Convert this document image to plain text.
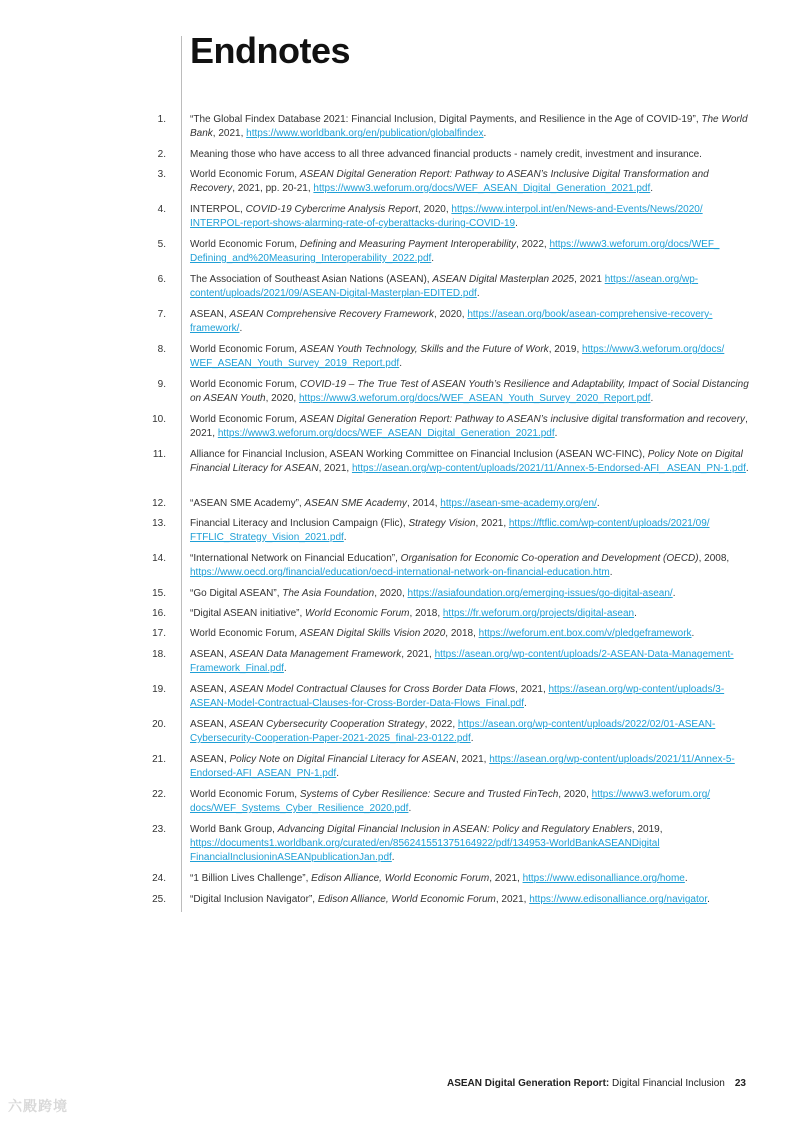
Endnotes
1. “The Global Findex Database 2021: Financial Inclusion, Digital Payments, and Resilience in the Age of COVID-19”, The World Bank, 2021, https://www.worldbank.org/en/publication/globalfindex.
2. Meaning those who have access to all three advanced financial products - namely credit, investment and insurance.
3. World Economic Forum, ASEAN Digital Generation Report: Pathway to ASEAN’s Inclusive Digital Transformation and Recovery, 2021, pp. 20-21, https://www3.weforum.org/docs/WEF_ASEAN_Digital_Generation_2021.pdf.
4. INTERPOL, COVID-19 Cybercrime Analysis Report, 2020, https://www.interpol.int/en/News-and-Events/News/2020/ INTERPOL-report-shows-alarming-rate-of-cyberattacks-during-COVID-19.
5. World Economic Forum, Defining and Measuring Payment Interoperability, 2022, https://www3.weforum.org/docs/WEF_ Defining_and%20Measuring_Interoperability_2022.pdf.
6. The Association of Southeast Asian Nations (ASEAN), ASEAN Digital Masterplan 2025, 2021 https://asean.org/wp-content/uploads/2021/09/ASEAN-Digital-Masterplan-EDITED.pdf.
7. ASEAN, ASEAN Comprehensive Recovery Framework, 2020, https://asean.org/book/asean-comprehensive-recovery-framework/.
8. World Economic Forum, ASEAN Youth Technology, Skills and the Future of Work, 2019, https://www3.weforum.org/docs/ WEF_ASEAN_Youth_Survey_2019_Report.pdf.
9. World Economic Forum, COVID-19 – The True Test of ASEAN Youth’s Resilience and Adaptability, Impact of Social Distancing on ASEAN Youth, 2020, https://www3.weforum.org/docs/WEF_ASEAN_Youth_Survey_2020_Report.pdf.
10. World Economic Forum, ASEAN Digital Generation Report: Pathway to ASEAN’s inclusive digital transformation and recovery, 2021, https://www3.weforum.org/docs/WEF_ASEAN_Digital_Generation_2021.pdf.
11. Alliance for Financial Inclusion, ASEAN Working Committee on Financial Inclusion (ASEAN WC-FINC), Policy Note on Digital Financial Literacy for ASEAN, 2021, https://asean.org/wp-content/uploads/2021/11/Annex-5-Endorsed-AFI_ ASEAN_PN-1.pdf.
12. “ASEAN SME Academy”, ASEAN SME Academy, 2014, https://asean-sme-academy.org/en/.
13. Financial Literacy and Inclusion Campaign (Flic), Strategy Vision, 2021, https://ftflic.com/wp-content/uploads/2021/09/ FTFLIC_Strategy_Vision_2021.pdf.
14. “International Network on Financial Education”, Organisation for Economic Co-operation and Development (OECD), 2008, https://www.oecd.org/financial/education/oecd-international-network-on-financial-education.htm.
15. “Go Digital ASEAN”, The Asia Foundation, 2020, https://asiafoundation.org/emerging-issues/go-digital-asean/.
16. “Digital ASEAN initiative”, World Economic Forum, 2018, https://fr.weforum.org/projects/digital-asean.
17. World Economic Forum, ASEAN Digital Skills Vision 2020, 2018, https://weforum.ent.box.com/v/pledgeframework.
18. ASEAN, ASEAN Data Management Framework, 2021, https://asean.org/wp-content/uploads/2-ASEAN-Data-Management-Framework_Final.pdf.
19. ASEAN, ASEAN Model Contractual Clauses for Cross Border Data Flows, 2021, https://asean.org/wp-content/uploads/3-ASEAN-Model-Contractual-Clauses-for-Cross-Border-Data-Flows_Final.pdf.
20. ASEAN, ASEAN Cybersecurity Cooperation Strategy, 2022, https://asean.org/wp-content/uploads/2022/02/01-ASEAN-Cybersecurity-Cooperation-Paper-2021-2025_final-23-0122.pdf.
21. ASEAN, Policy Note on Digital Financial Literacy for ASEAN, 2021, https://asean.org/wp-content/uploads/2021/11/Annex-5-Endorsed-AFI_ASEAN_PN-1.pdf.
22. World Economic Forum, Systems of Cyber Resilience: Secure and Trusted FinTech, 2020, https://www3.weforum.org/ docs/WEF_Systems_Cyber_Resilience_2020.pdf.
23. World Bank Group, Advancing Digital Financial Inclusion in ASEAN: Policy and Regulatory Enablers, 2019, https://documents1.worldbank.org/curated/en/856241551375164922/pdf/134953-WorldBankASEANDigital FinancialInclusioninASEANpublicationJan.pdf.
24. “1 Billion Lives Challenge”, Edison Alliance, World Economic Forum, 2021, https://www.edisonalliance.org/home.
25. “Digital Inclusion Navigator”, Edison Alliance, World Economic Forum, 2021, https://www.edisonalliance.org/navigator.
ASEAN Digital Generation Report: Digital Financial Inclusion 23
六殿跨境
